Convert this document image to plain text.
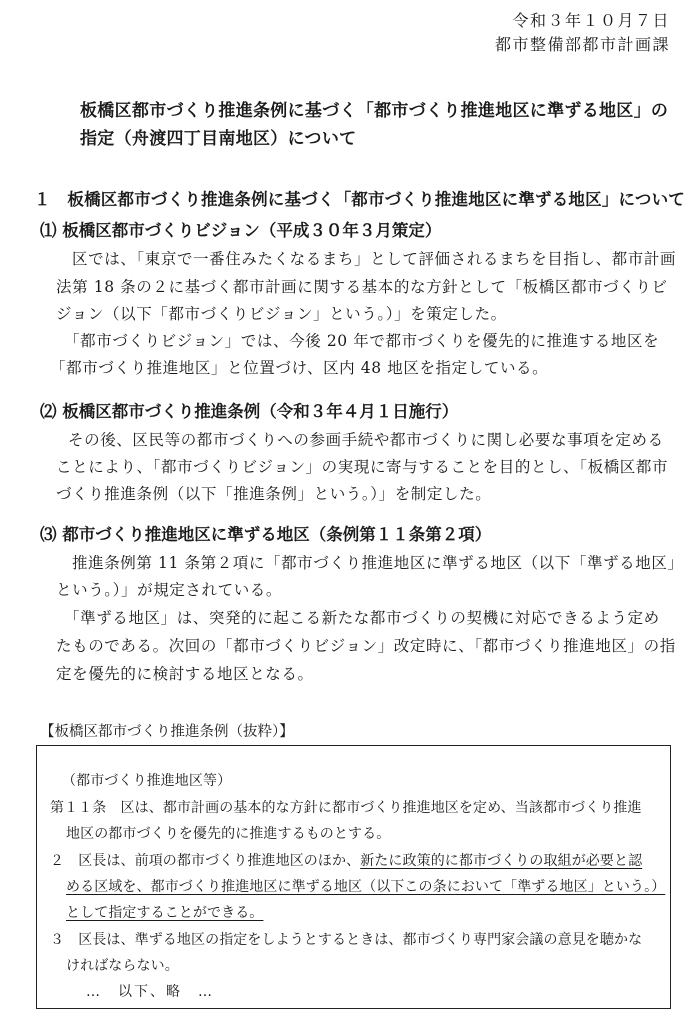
令和３年１０月７日
都市整備部都市計画課
板橋区都市づくり推進条例に基づく「都市づくり推進地区に準ずる地区」の
指定（舟渡四丁目南地区）について
１　板橋区都市づくり推進条例に基づく「都市づくり推進地区に準ずる地区」について
⑴ 板橋区都市づくりビジョン（平成３０年３月策定）
区では、「東京で一番住みたくなるまち」として評価されるまちを目指し、都市計画
法第 18 条の２に基づく都市計画に関する基本的な方針として「板橋区都市づくりビ
ジョン（以下「都市づくりビジョン」という。）」を策定した。
「都市づくりビジョン」では、今後 20 年で都市づくりを優先的に推進する地区を
「都市づくり推進地区」と位置づけ、区内 48 地区を指定している。
⑵ 板橋区都市づくり推進条例（令和３年４月１日施行）
その後、区民等の都市づくりへの参画手続や都市づくりに関し必要な事項を定める
ことにより、「都市づくりビジョン」の実現に寄与することを目的とし、「板橋区都市
づくり推進条例（以下「推進条例」という。）」を制定した。
⑶ 都市づくり推進地区に準ずる地区（条例第１１条第２項）
推進条例第 11 条第２項に「都市づくり推進地区に準ずる地区（以下「準ずる地区」
という。）」が規定されている。
「準ずる地区」は、突発的に起こる新たな都市づくりの契機に対応できるよう定め
たものである。次回の「都市づくりビジョン」改定時に、「都市づくり推進地区」の指
定を優先的に検討する地区となる。
【板橋区都市づくり推進条例（抜粋）】
（都市づくり推進地区等）
第１１条　区は、都市計画の基本的な方針に都市づくり推進地区を定め、当該都市づくり推進
地区の都市づくりを優先的に推進するものとする。
２　区長は、前項の都市づくり推進地区のほか、新たに政策的に都市づくりの取組が必要と認
める区域を、都市づくり推進地区に準ずる地区（以下この条において「準ずる地区」という。）
として指定することができる。
３　区長は、準ずる地区の指定をしようとするときは、都市づくり専門家会議の意見を聴かな
ければならない。
…　以下、略　…
